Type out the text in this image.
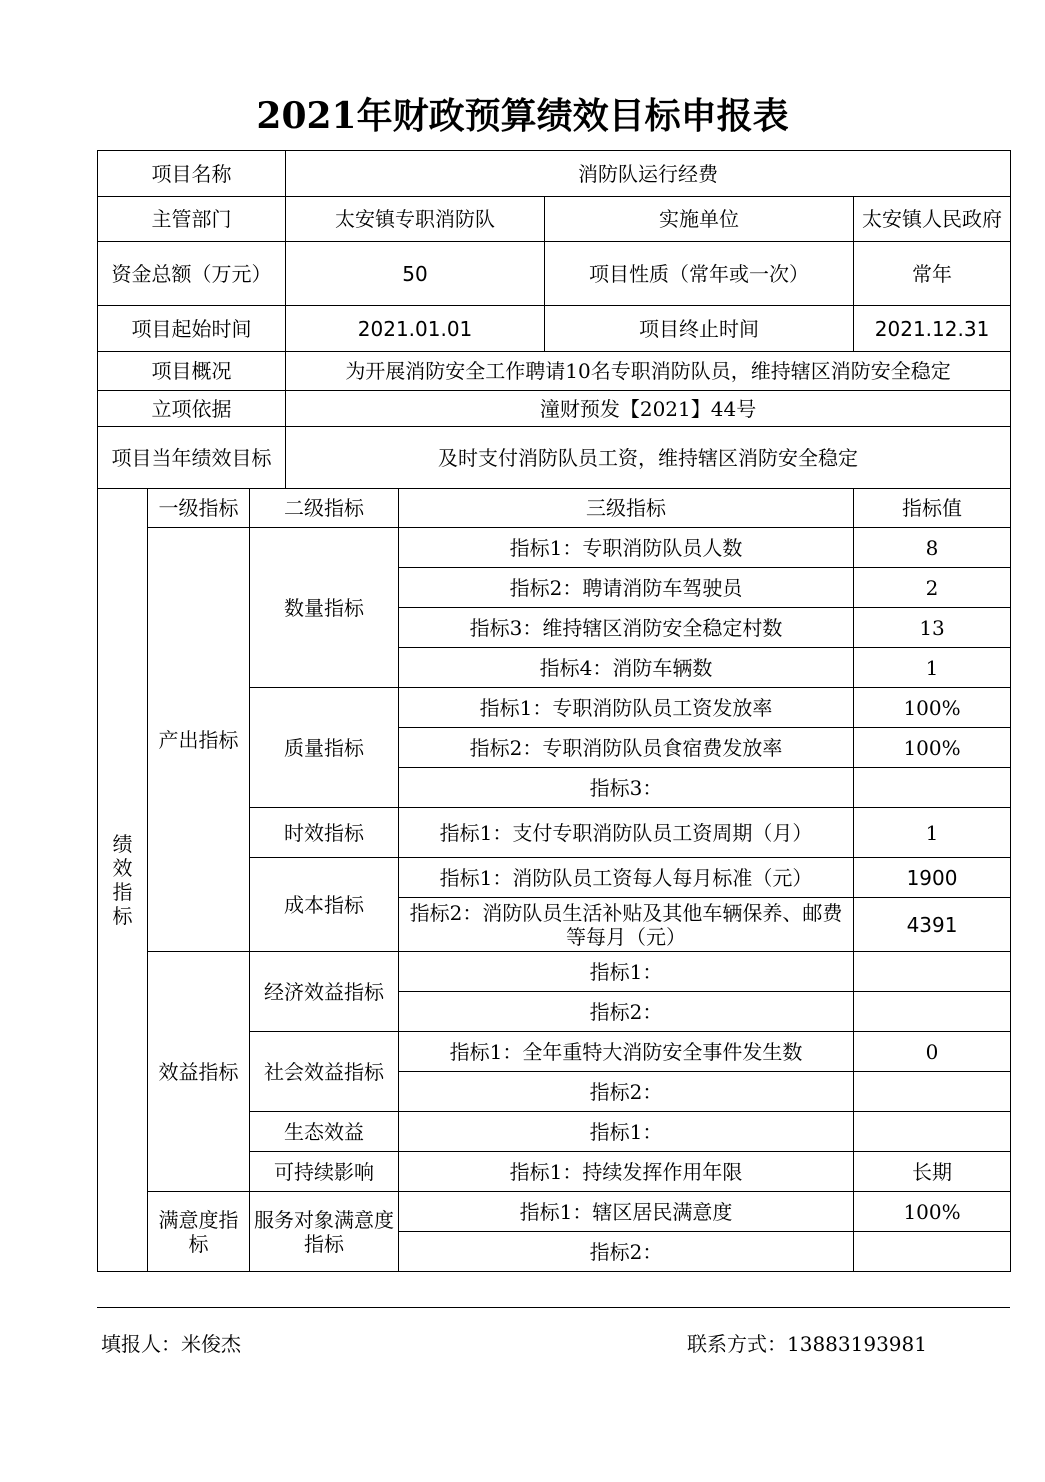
2021年财政预算绩效目标申报表
项目名称			消防队运行经费			
主管部门			太安镇专职消防队		实施单位	太安镇人民政府
资金总额（万元）			50		项目性质（常年或一次）	常年
项目起始时间			2021.01.01		项目终止时间	2021.12.31
项目概况			为开展消防安全工作聘请10名专职消防队员，维持辖区消防安全稳定			
立项依据			潼财预发【2021】44号			
项目当年绩效目标			及时支付消防队员工资，维持辖区消防安全稳定			

绩
效
指
标	一级指标	二级指标		三级指标		指标值
	产出指标	数量指标		指标1：专职消防队员人数		8
				指标2：聘请消防车驾驶员		2
				指标3：维持辖区消防安全稳定村数		13
				指标4：消防车辆数		1
		质量指标		指标1：专职消防队员工资发放率		100%
				指标2：专职消防队员食宿费发放率		100%
				指标3：		
		时效指标		指标1：支付专职消防队员工资周期（月）		1
		成本指标		指标1：消防队员工资每人每月标准（元）		1900
				指标2：消防队员生活补贴及其他车辆保养、邮费等每月（元）		4391
	效益指标	经济效益指标		指标1：		
				指标2：		
		社会效益指标		指标1：全年重特大消防安全事件发生数		0
				指标2：		
		生态效益		指标1：		
		可持续影响		指标1：持续发挥作用年限		长期
	满意度指标	服务对象满意度指标		指标1：辖区居民满意度		100%
				指标2：		
填报人：米俊杰	联系方式：13883193981
